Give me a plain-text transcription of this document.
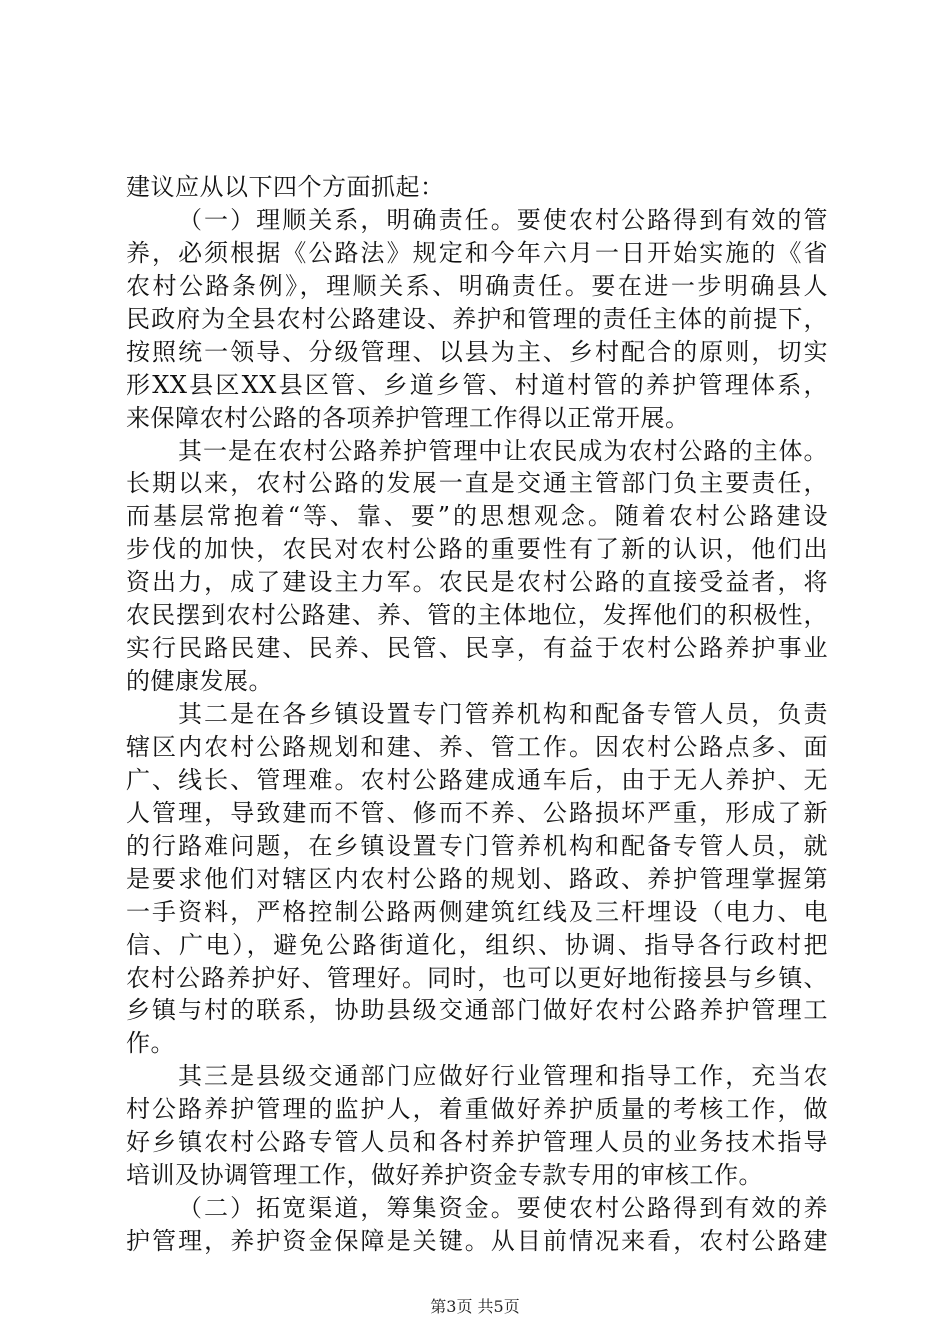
建议应从以下四个方面抓起：
（一）理顺关系，明确责任。要使农村公路得到有效的管
养，必须根据《公路法》规定和今年六月一日开始实施的《省
农村公路条例》，理顺关系、明确责任。要在进一步明确县人
民政府为全县农村公路建设、养护和管理的责任主体的前提下，
按照统一领导、分级管理、以县为主、乡村配合的原则，切实
形XX县区XX县区管、乡道乡管、村道村管的养护管理体系，
来保障农村公路的各项养护管理工作得以正常开展。
其一是在农村公路养护管理中让农民成为农村公路的主体。
长期以来，农村公路的发展一直是交通主管部门负主要责任，
而基层常抱着“等、靠、要”的思想观念。随着农村公路建设
步伐的加快，农民对农村公路的重要性有了新的认识，他们出
资出力，成了建设主力军。农民是农村公路的直接受益者，将
农民摆到农村公路建、养、管的主体地位，发挥他们的积极性，
实行民路民建、民养、民管、民享，有益于农村公路养护事业
的健康发展。
其二是在各乡镇设置专门管养机构和配备专管人员，负责
辖区内农村公路规划和建、养、管工作。因农村公路点多、面
广、线长、管理难。农村公路建成通车后，由于无人养护、无
人管理，导致建而不管、修而不养、公路损坏严重，形成了新
的行路难问题，在乡镇设置专门管养机构和配备专管人员，就
是要求他们对辖区内农村公路的规划、路政、养护管理掌握第
一手资料，严格控制公路两侧建筑红线及三杆埋设（电力、电
信、广电），避免公路街道化，组织、协调、指导各行政村把
农村公路养护好、管理好。同时，也可以更好地衔接县与乡镇、
乡镇与村的联系，协助县级交通部门做好农村公路养护管理工
作。
其三是县级交通部门应做好行业管理和指导工作，充当农
村公路养护管理的监护人，着重做好养护质量的考核工作，做
好乡镇农村公路专管人员和各村养护管理人员的业务技术指导
培训及协调管理工作，做好养护资金专款专用的审核工作。
（二）拓宽渠道，筹集资金。要使农村公路得到有效的养
护管理，养护资金保障是关键。从目前情况来看，农村公路建
第3页 共5页
